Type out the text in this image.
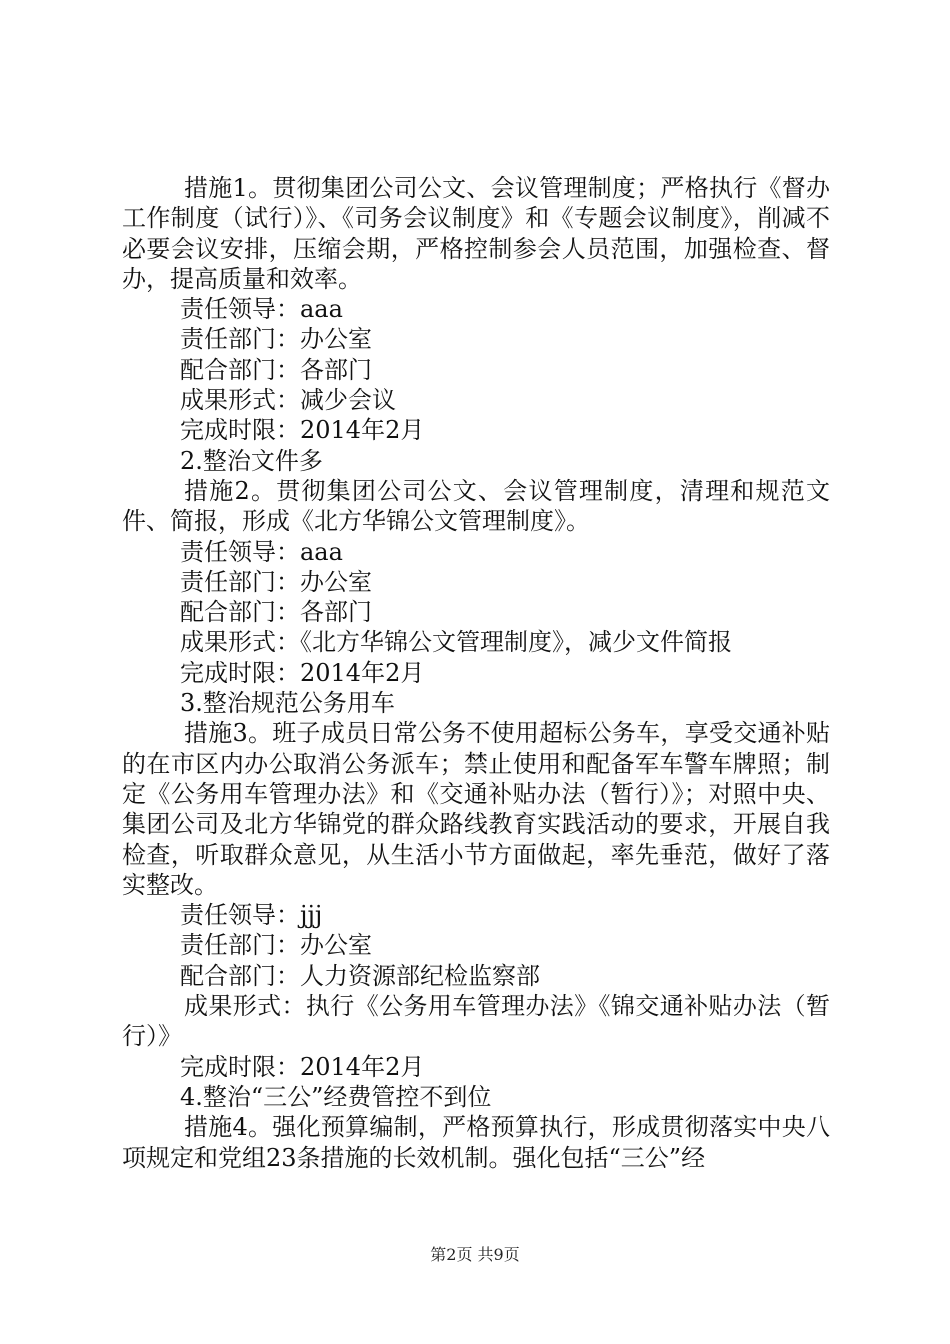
措施1。贯彻集团公司公文、会议管理制度；严格执行《督办工作制度（试行）》、《司务会议制度》和《专题会议制度》，削减不必要会议安排，压缩会期，严格控制参会人员范围，加强检查、督办，提高质量和效率。

责任领导：aaa

责任部门：办公室

配合部门：各部门

成果形式：减少会议

完成时限：2014年2月

2.整治文件多

措施2。贯彻集团公司公文、会议管理制度，清理和规范文件、简报，形成《北方华锦公文管理制度》。

责任领导：aaa

责任部门：办公室

配合部门：各部门

成果形式：《北方华锦公文管理制度》，减少文件简报

完成时限：2014年2月

3.整治规范公务用车

措施3。班子成员日常公务不使用超标公务车，享受交通补贴的在市区内办公取消公务派车；禁止使用和配备军车警车牌照；制定《公务用车管理办法》和《交通补贴办法（暂行）》；对照中央、集团公司及北方华锦党的群众路线教育实践活动的要求，开展自我检查，听取群众意见，从生活小节方面做起，率先垂范，做好了落实整改。

责任领导：jjj

责任部门：办公室

配合部门：人力资源部纪检监察部

成果形式：执行《公务用车管理办法》《锦交通补贴办法（暂行）》

完成时限：2014年2月

4.整治“三公”经费管控不到位

措施4。强化预算编制，严格预算执行，形成贯彻落实中央八项规定和党组23条措施的长效机制。强化包括“三公”经

第2页 共9页
